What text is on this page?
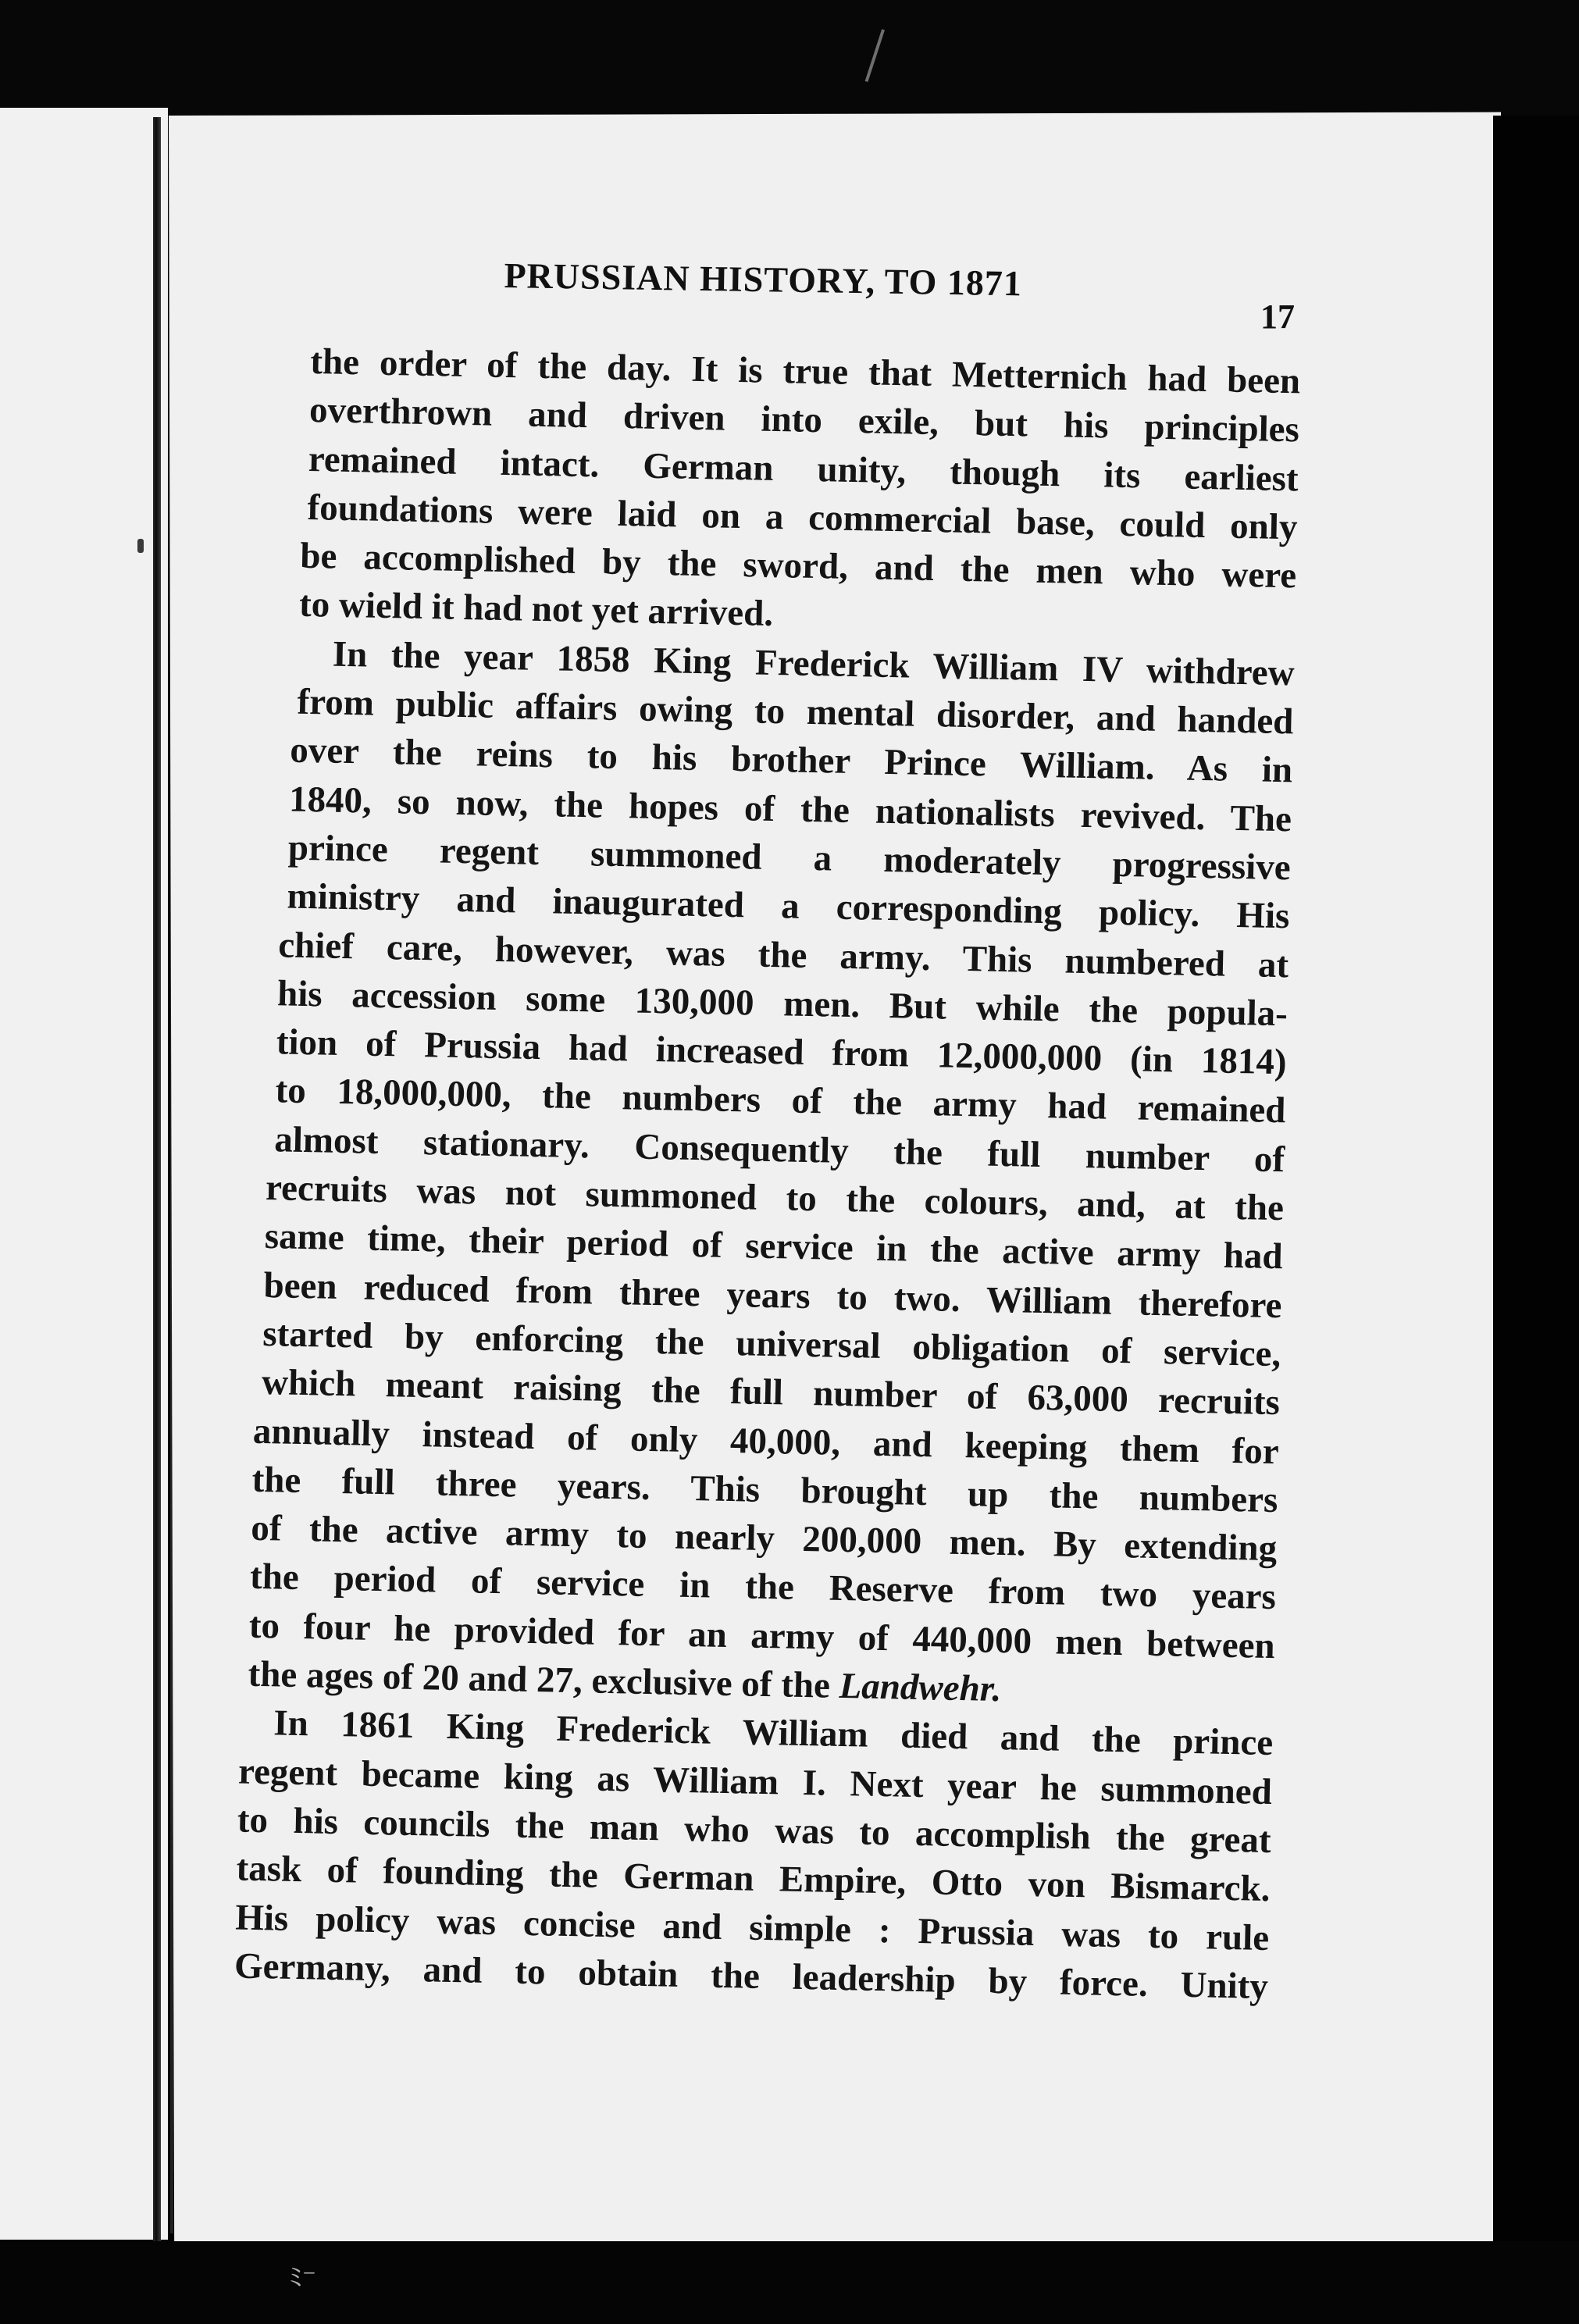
ﾐ⁻
PRUSSIAN HISTORY, TO 1871
17
the order of the day. It is true that Metternich had been
overthrown and driven into exile, but his principles
remained intact. German unity, though its earliest
foundations were laid on a commercial base, could only
be accomplished by the sword, and the men who were
to wield it had not yet arrived.
In the year 1858 King Frederick William IV withdrew
from public affairs owing to mental disorder, and handed
over the reins to his brother Prince William. As in
1840, so now, the hopes of the nationalists revived. The
prince regent summoned a moderately progressive
ministry and inaugurated a corresponding policy. His
chief care, however, was the army. This numbered at
his accession some 130,000 men. But while the popula-
tion of Prussia had increased from 12,000,000 (in 1814)
to 18,000,000, the numbers of the army had remained
almost stationary. Consequently the full number of
recruits was not summoned to the colours, and, at the
same time, their period of service in the active army had
been reduced from three years to two. William therefore
started by enforcing the universal obligation of service,
which meant raising the full number of 63,000 recruits
annually instead of only 40,000, and keeping them for
the full three years. This brought up the numbers
of the active army to nearly 200,000 men. By extending
the period of service in the Reserve from two years
to four he provided for an army of 440,000 men between
the ages of 20 and 27, exclusive of the Landwehr.
In 1861 King Frederick William died and the prince
regent became king as William I. Next year he summoned
to his councils the man who was to accomplish the great
task of founding the German Empire, Otto von Bismarck.
His policy was concise and simple : Prussia was to rule
Germany, and to obtain the leadership by force. Unity
